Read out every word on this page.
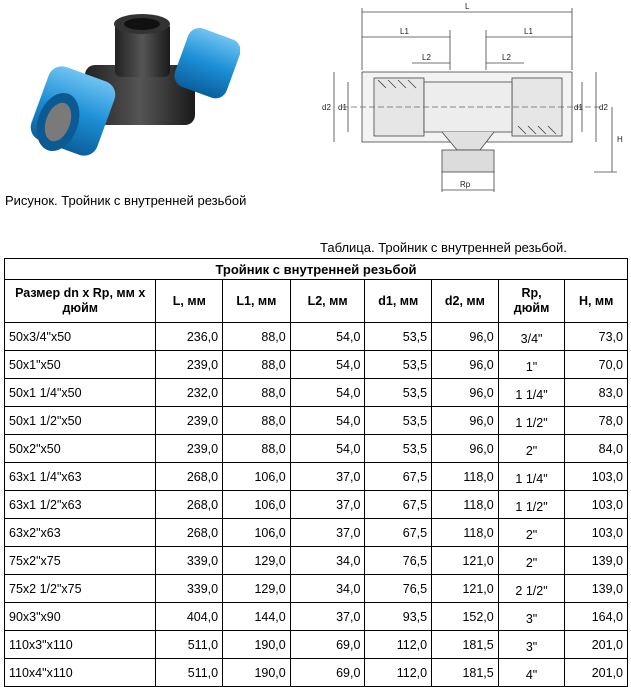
L
L1	L1
L2	L2
d2 d1	d1 d2
H
Rp
Рисунок. Тройник с внутренней резьбой
Таблица. Тройник с внутренней резьбой.
Тройник с внутренней резьбой							
Размер dn x Rp, мм x дюйм	L, мм	L1, мм	L2, мм	d1, мм	d2, мм	Rp, дюйм	H, мм
50x3/4"x50	236,0	88,0	54,0	53,5	96,0	3/4"	73,0
50x1"x50	239,0	88,0	54,0	53,5	96,0	1"	70,0
50x1 1/4"x50	232,0	88,0	54,0	53,5	96,0	1 1/4"	83,0
50x1 1/2"x50	239,0	88,0	54,0	53,5	96,0	1 1/2"	78,0
50x2"x50	239,0	88,0	54,0	53,5	96,0	2"	84,0
63x1 1/4"x63	268,0	106,0	37,0	67,5	118,0	1 1/4"	103,0
63x1 1/2"x63	268,0	106,0	37,0	67,5	118,0	1 1/2"	103,0
63x2"x63	268,0	106,0	37,0	67,5	118,0	2"	103,0
75x2"x75	339,0	129,0	34,0	76,5	121,0	2"	139,0
75x2 1/2"x75	339,0	129,0	34,0	76,5	121,0	2 1/2"	139,0
90x3"x90	404,0	144,0	37,0	93,5	152,0	3"	164,0
110x3"x110	511,0	190,0	69,0	112,0	181,5	3"	201,0
110x4"x110	511,0	190,0	69,0	112,0	181,5	4"	201,0
